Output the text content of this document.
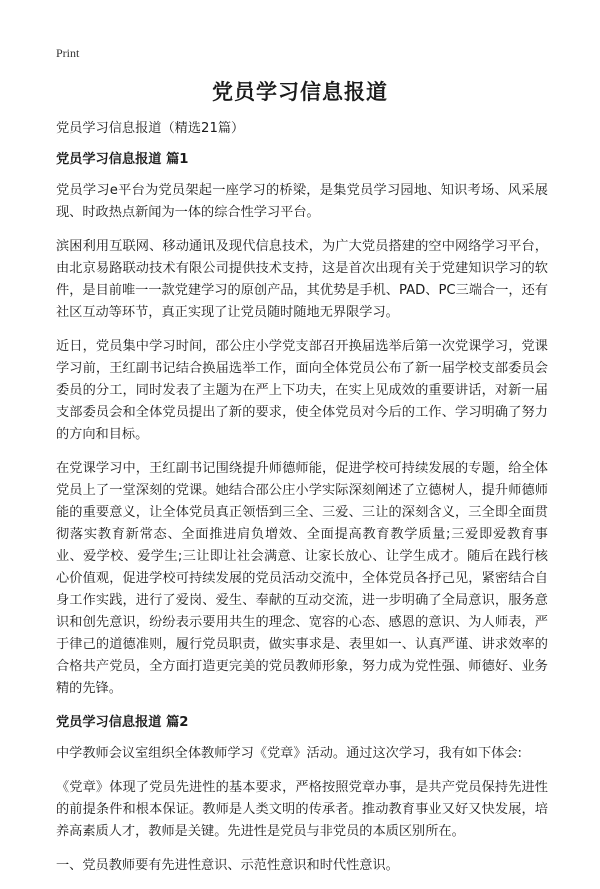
Print
党员学习信息报道

党员学习信息报道（精选21篇）

党员学习信息报道 篇1

党员学习e平台为党员架起一座学习的桥梁，是集党员学习园地、知识考场、风采展现、时政热点新闻为一体的综合性学习平台。

滨困利用互联网、移动通讯及现代信息技术，为广大党员搭建的空中网络学习平台，由北京易路联动技术有限公司提供技术支持，这是首次出现有关于党建知识学习的软件，是目前唯一一款党建学习的原创产品，其优势是手机、PAD、PC三端合一，还有社区互动等环节，真正实现了让党员随时随地无界限学习。

近日，党员集中学习时间，邵公庄小学党支部召开换届选举后第一次党课学习，党课学习前，王红副书记结合换届选举工作，面向全体党员公布了新一届学校支部委员会委员的分工，同时发表了主题为在严上下功夫，在实上见成效的重要讲话，对新一届支部委员会和全体党员提出了新的要求，使全体党员对今后的工作、学习明确了努力的方向和目标。

在党课学习中，王红副书记围绕提升师德师能，促进学校可持续发展的专题，给全体党员上了一堂深刻的党课。她结合邵公庄小学实际深刻阐述了立德树人，提升师德师能的重要意义，让全体党员真正领悟到三全、三爱、三让的深刻含义，三全即全面贯彻落实教育新常态、全面推进肩负增效、全面提高教育教学质量;三爱即爱教育事业、爱学校、爱学生;三让即让社会满意、让家长放心、让学生成才。随后在践行核心价值观，促进学校可持续发展的党员活动交流中，全体党员各抒己见，紧密结合自身工作实践，进行了爱岗、爱生、奉献的互动交流，进一步明确了全局意识，服务意识和创先意识，纷纷表示要用共生的理念、宽容的心态、感恩的意识、为人师表，严于律己的道德准则，履行党员职责，做实事求是、表里如一、认真严谨、讲求效率的合格共产党员，全方面打造更完美的党员教师形象，努力成为党性强、师德好、业务精的先锋。

党员学习信息报道 篇2

中学教师会议室组织全体教师学习《党章》活动。通过这次学习，我有如下体会:

《党章》体现了党员先进性的基本要求，严格按照党章办事，是共产党员保持先进性的前提条件和根本保证。教师是人类文明的传承者。推动教育事业又好又快发展，培养高素质人才，教师是关键。先进性是党员与非党员的本质区别所在。

一、党员教师要有先进性意识、示范性意识和时代性意识。
